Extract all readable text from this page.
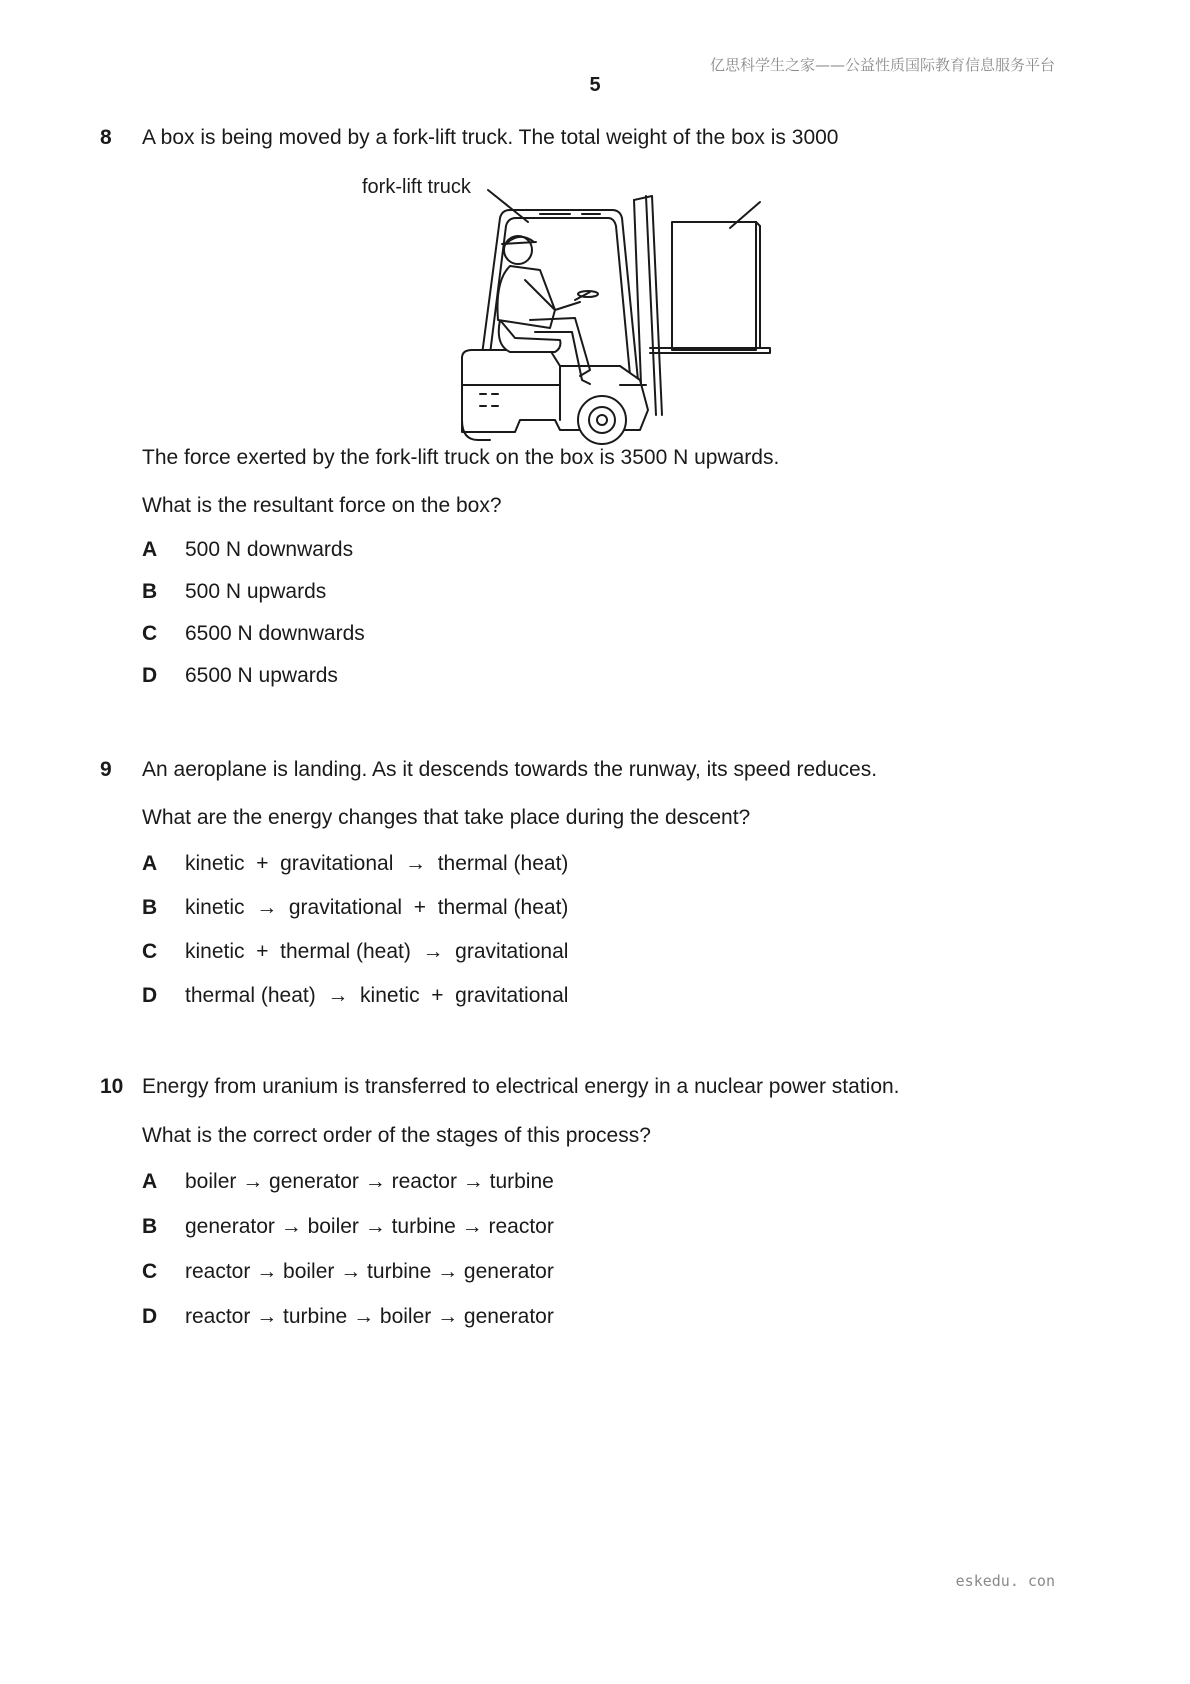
亿思科学生之家——公益性质国际教育信息服务平台
5
8 A box is being moved by a fork-lift truck. The total weight of the box is 3000
fork-lift truck
The force exerted by the fork-lift truck on the box is 3500 N upwards.
What is the resultant force on the box?
A 500 N downwards
B 500 N upwards
C 6500 N downwards
D 6500 N upwards
9 An aeroplane is landing. As it descends towards the runway, its speed reduces.
What are the energy changes that take place during the descent?
A kinetic  +  gravitational  →  thermal (heat)
B kinetic  →  gravitational  +  thermal (heat)
C kinetic  +  thermal (heat)  →  gravitational
D thermal (heat)  →  kinetic  +  gravitational
10 Energy from uranium is transferred to electrical energy in a nuclear power station.
What is the correct order of the stages of this process?
A boiler → generator → reactor → turbine
B generator → boiler → turbine → reactor
C reactor → boiler → turbine → generator
D reactor → turbine → boiler → generator
eskedu. con
